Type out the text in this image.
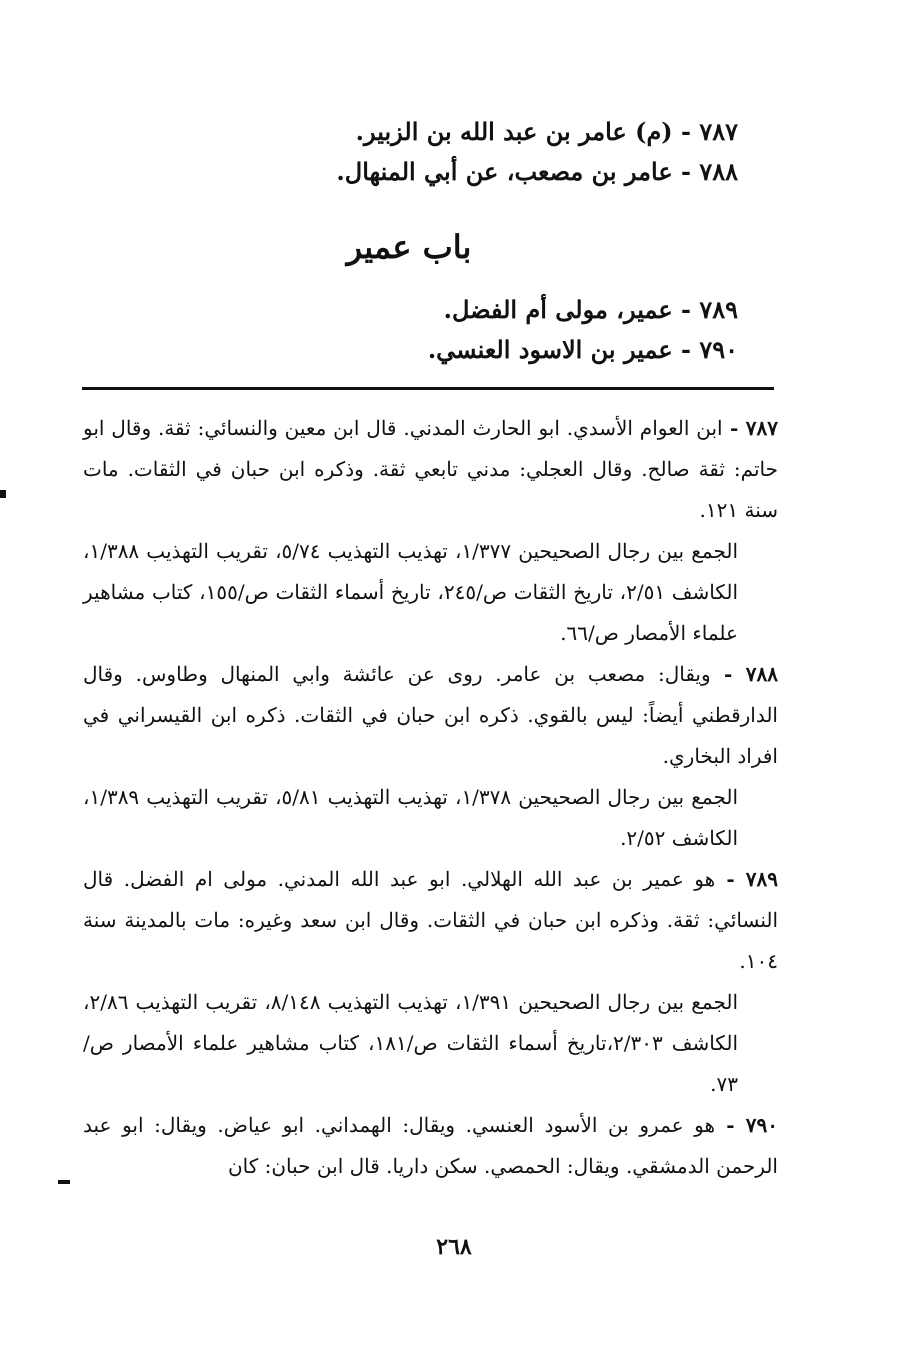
٧٨٧ - (م) عامر بن عبد الله بن الزبير.
٧٨٨ - عامر بن مصعب، عن أبي المنهال.
باب عمير
٧٨٩ - عمير، مولى أم الفضل.
٧٩٠ - عمير بن الاسود العنسي.

٧٨٧ - ابن العوام الأسدي. ابو الحارث المدني. قال ابن معين والنسائي: ثقة. وقال ابو حاتم: ثقة صالح. وقال العجلي: مدني تابعي ثقة. وذكره ابن حبان في الثقات. مات سنة ١٢١.

الجمع بين رجال الصحيحين ١/٣٧٧، تهذيب التهذيب ٥/٧٤، تقريب التهذيب ١/٣٨٨، الكاشف ٢/٥١، تاريخ الثقات ص/٢٤٥، تاريخ أسماء الثقات ص/١٥٥، كتاب مشاهير علماء الأمصار ص/٦٦.

٧٨٨ - ويقال: مصعب بن عامر. روى عن عائشة وابي المنهال وطاوس. وقال الدارقطني أيضاً: ليس بالقوي. ذكره ابن حبان في الثقات. ذكره ابن القيسراني في افراد البخاري.

الجمع بين رجال الصحيحين ١/٣٧٨، تهذيب التهذيب ٥/٨١، تقريب التهذيب ١/٣٨٩، الكاشف ٢/٥٢.

٧٨٩ - هو عمير بن عبد الله الهلالي. ابو عبد الله المدني. مولى ام الفضل. قال النسائي: ثقة. وذكره ابن حبان في الثقات. وقال ابن سعد وغيره: مات بالمدينة سنة ١٠٤.

الجمع بين رجال الصحيحين ١/٣٩١، تهذيب التهذيب ٨/١٤٨، تقريب التهذيب ٢/٨٦، الكاشف ٢/٣٠٣،تاريخ أسماء الثقات ص/١٨١، كتاب مشاهير علماء الأمصار ص/٧٣.

٧٩٠ - هو عمرو بن الأسود العنسي. ويقال: الهمداني. ابو عياض. ويقال: ابو عبد الرحمن الدمشقي. ويقال: الحمصي. سكن داريا. قال ابن حبان: كان

٢٦٨
